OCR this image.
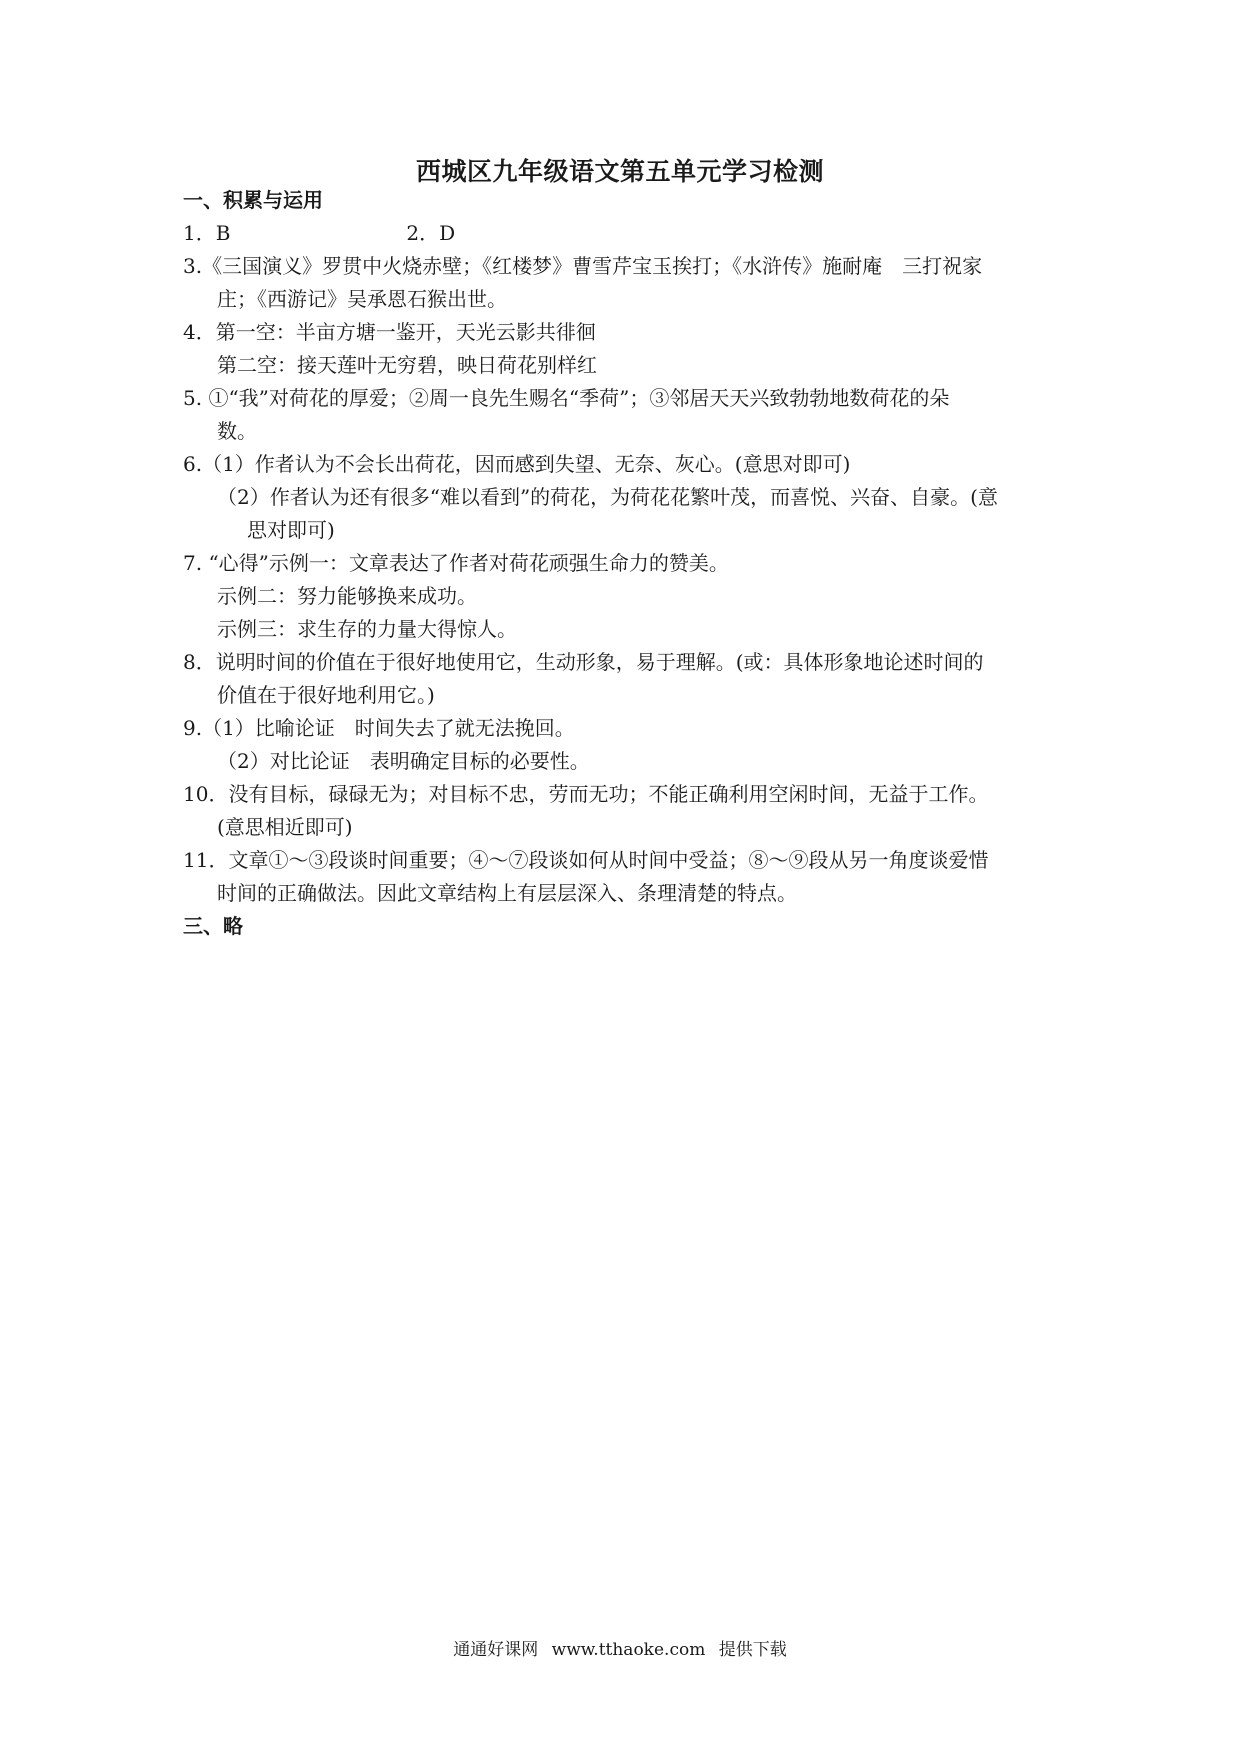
西城区九年级语文第五单元学习检测
一、积累与运用
1．B	2．D
3.《三国演义》罗贯中火烧赤壁；《红楼梦》曹雪芹宝玉挨打；《水浒传》施耐庵　三打祝家
庄；《西游记》吴承恩石猴出世。
4．第一空：半亩方塘一鉴开，天光云影共徘徊
第二空：接天莲叶无穷碧，映日荷花别样红
5. ①“我”对荷花的厚爱；②周一良先生赐名“季荷”；③邻居天天兴致勃勃地数荷花的朵
数。
6.（1）作者认为不会长出荷花，因而感到失望、无奈、灰心。(意思对即可)
（2）作者认为还有很多“难以看到”的荷花，为荷花花繁叶茂，而喜悦、兴奋、自豪。(意
思对即可)
7. “心得”示例一：文章表达了作者对荷花顽强生命力的赞美。
示例二：努力能够换来成功。
示例三：求生存的力量大得惊人。
8．说明时间的价值在于很好地使用它，生动形象，易于理解。(或：具体形象地论述时间的
价值在于很好地利用它。)
9.（1）比喻论证　时间失去了就无法挽回。
（2）对比论证　表明确定目标的必要性。
10．没有目标，碌碌无为；对目标不忠，劳而无功；不能正确利用空闲时间，无益于工作。
(意思相近即可)
11．文章①～③段谈时间重要；④～⑦段谈如何从时间中受益；⑧～⑨段从另一角度谈爱惜
时间的正确做法。因此文章结构上有层层深入、条理清楚的特点。
三、略
通通好课网 www.tthaoke.com 提供下载
